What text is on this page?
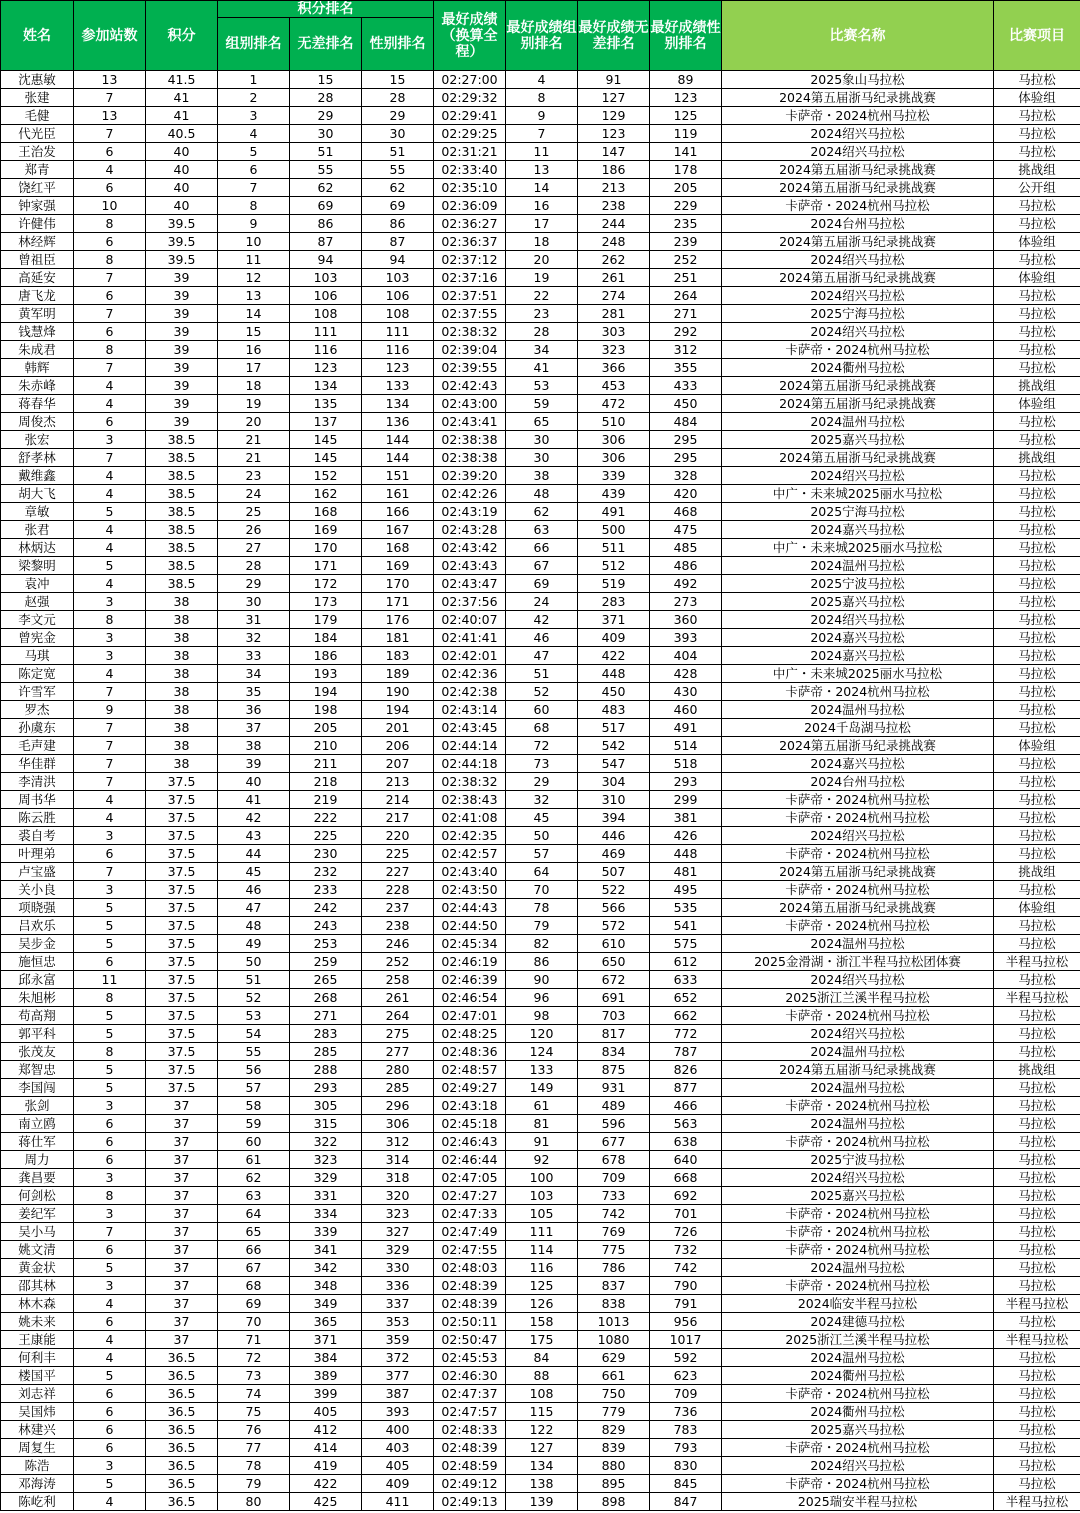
姓名	参加站数	积分	积分排名			最好成绩（换算全程）	最好成绩组别排名	最好成绩无差排名	最好成绩性别排名	比赛名称	比赛项目
			组别排名	无差排名	性别排名						
沈惠敏	13	41.5	1	15	15	02:27:00	4	91	89	2025象山马拉松	马拉松
张建	7	41	2	28	28	02:29:32	8	127	123	2024第五届浙马纪录挑战赛	体验组
毛健	13	41	3	29	29	02:29:41	9	129	125	卡萨帝・2024杭州马拉松	马拉松
代光臣	7	40.5	4	30	30	02:29:25	7	123	119	2024绍兴马拉松	马拉松
王治发	6	40	5	51	51	02:31:21	11	147	141	2024绍兴马拉松	马拉松
郑青	4	40	6	55	55	02:33:40	13	186	178	2024第五届浙马纪录挑战赛	挑战组
饶红平	6	40	7	62	62	02:35:10	14	213	205	2024第五届浙马纪录挑战赛	公开组
钟家强	10	40	8	69	69	02:36:09	16	238	229	卡萨帝・2024杭州马拉松	马拉松
许健伟	8	39.5	9	86	86	02:36:27	17	244	235	2024台州马拉松	马拉松
林经辉	6	39.5	10	87	87	02:36:37	18	248	239	2024第五届浙马纪录挑战赛	体验组
曾祖臣	8	39.5	11	94	94	02:37:12	20	262	252	2024绍兴马拉松	马拉松
高延安	7	39	12	103	103	02:37:16	19	261	251	2024第五届浙马纪录挑战赛	体验组
唐飞龙	6	39	13	106	106	02:37:51	22	274	264	2024绍兴马拉松	马拉松
黄军明	7	39	14	108	108	02:37:55	23	281	271	2025宁海马拉松	马拉松
钱慧烽	6	39	15	111	111	02:38:32	28	303	292	2024绍兴马拉松	马拉松
朱成君	8	39	16	116	116	02:39:04	34	323	312	卡萨帝・2024杭州马拉松	马拉松
韩辉	7	39	17	123	123	02:39:55	41	366	355	2024衢州马拉松	马拉松
朱赤峰	4	39	18	134	133	02:42:43	53	453	433	2024第五届浙马纪录挑战赛	挑战组
蒋春华	4	39	19	135	134	02:43:00	59	472	450	2024第五届浙马纪录挑战赛	体验组
周俊杰	6	39	20	137	136	02:43:41	65	510	484	2024温州马拉松	马拉松
张宏	3	38.5	21	145	144	02:38:38	30	306	295	2025嘉兴马拉松	马拉松
舒孝林	7	38.5	21	145	144	02:38:38	30	306	295	2024第五届浙马纪录挑战赛	挑战组
戴维鑫	4	38.5	23	152	151	02:39:20	38	339	328	2024绍兴马拉松	马拉松
胡大飞	4	38.5	24	162	161	02:42:26	48	439	420	中广・未来城2025丽水马拉松	马拉松
章敏	5	38.5	25	168	166	02:43:19	62	491	468	2025宁海马拉松	马拉松
张君	4	38.5	26	169	167	02:43:28	63	500	475	2024嘉兴马拉松	马拉松
林炳达	4	38.5	27	170	168	02:43:42	66	511	485	中广・未来城2025丽水马拉松	马拉松
梁黎明	5	38.5	28	171	169	02:43:43	67	512	486	2024温州马拉松	马拉松
袁冲	4	38.5	29	172	170	02:43:47	69	519	492	2025宁波马拉松	马拉松
赵强	3	38	30	173	171	02:37:56	24	283	273	2025嘉兴马拉松	马拉松
李文元	8	38	31	179	176	02:40:07	42	371	360	2024绍兴马拉松	马拉松
曾宪金	3	38	32	184	181	02:41:41	46	409	393	2024嘉兴马拉松	马拉松
马琪	3	38	33	186	183	02:42:01	47	422	404	2024嘉兴马拉松	马拉松
陈定宽	4	38	34	193	189	02:42:36	51	448	428	中广・未来城2025丽水马拉松	马拉松
许雪军	7	38	35	194	190	02:42:38	52	450	430	卡萨帝・2024杭州马拉松	马拉松
罗杰	9	38	36	198	194	02:43:14	60	483	460	2024温州马拉松	马拉松
孙虞东	7	38	37	205	201	02:43:45	68	517	491	2024千岛湖马拉松	马拉松
毛声建	7	38	38	210	206	02:44:14	72	542	514	2024第五届浙马纪录挑战赛	体验组
华佳群	7	38	39	211	207	02:44:18	73	547	518	2024嘉兴马拉松	马拉松
李清洪	7	37.5	40	218	213	02:38:32	29	304	293	2024台州马拉松	马拉松
周书华	4	37.5	41	219	214	02:38:43	32	310	299	卡萨帝・2024杭州马拉松	马拉松
陈云胜	4	37.5	42	222	217	02:41:08	45	394	381	卡萨帝・2024杭州马拉松	马拉松
裘自考	3	37.5	43	225	220	02:42:35	50	446	426	2024绍兴马拉松	马拉松
叶理弟	6	37.5	44	230	225	02:42:57	57	469	448	卡萨帝・2024杭州马拉松	马拉松
卢宝盛	7	37.5	45	232	227	02:43:40	64	507	481	2024第五届浙马纪录挑战赛	挑战组
关小良	3	37.5	46	233	228	02:43:50	70	522	495	卡萨帝・2024杭州马拉松	马拉松
项晓强	5	37.5	47	242	237	02:44:43	78	566	535	2024第五届浙马纪录挑战赛	体验组
吕欢乐	5	37.5	48	243	238	02:44:50	79	572	541	卡萨帝・2024杭州马拉松	马拉松
吴步金	5	37.5	49	253	246	02:45:34	82	610	575	2024温州马拉松	马拉松
施恒忠	6	37.5	50	259	252	02:46:19	86	650	612	2025金滑湖・浙江半程马拉松团体赛	半程马拉松
邱永富	11	37.5	51	265	258	02:46:39	90	672	633	2024绍兴马拉松	马拉松
朱旭彬	8	37.5	52	268	261	02:46:54	96	691	652	2025浙江兰溪半程马拉松	半程马拉松
苟高翔	5	37.5	53	271	264	02:47:01	98	703	662	卡萨帝・2024杭州马拉松	马拉松
郭平科	5	37.5	54	283	275	02:48:25	120	817	772	2024绍兴马拉松	马拉松
张茂友	8	37.5	55	285	277	02:48:36	124	834	787	2024温州马拉松	马拉松
郑智忠	5	37.5	56	288	280	02:48:57	133	875	826	2024第五届浙马纪录挑战赛	挑战组
李国闯	5	37.5	57	293	285	02:49:27	149	931	877	2024温州马拉松	马拉松
张剑	3	37	58	305	296	02:43:18	61	489	466	卡萨帝・2024杭州马拉松	马拉松
南立鸥	6	37	59	315	306	02:45:18	81	596	563	2024温州马拉松	马拉松
蒋仕军	6	37	60	322	312	02:46:43	91	677	638	卡萨帝・2024杭州马拉松	马拉松
周力	6	37	61	323	314	02:46:44	92	678	640	2025宁波马拉松	马拉松
龚昌要	3	37	62	329	318	02:47:05	100	709	668	2024绍兴马拉松	马拉松
何剑松	8	37	63	331	320	02:47:27	103	733	692	2025嘉兴马拉松	马拉松
姜纪军	3	37	64	334	323	02:47:33	105	742	701	卡萨帝・2024杭州马拉松	马拉松
吴小马	7	37	65	339	327	02:47:49	111	769	726	卡萨帝・2024杭州马拉松	马拉松
姚文清	6	37	66	341	329	02:47:55	114	775	732	卡萨帝・2024杭州马拉松	马拉松
黄金状	5	37	67	342	330	02:48:03	116	786	742	2024温州马拉松	马拉松
邵其林	3	37	68	348	336	02:48:39	125	837	790	卡萨帝・2024杭州马拉松	马拉松
林木森	4	37	69	349	337	02:48:39	126	838	791	2024临安半程马拉松	半程马拉松
姚未来	6	37	70	365	353	02:50:11	158	1013	956	2024建德马拉松	马拉松
王康能	4	37	71	371	359	02:50:47	175	1080	1017	2025浙江兰溪半程马拉松	半程马拉松
何利丰	4	36.5	72	384	372	02:45:53	84	629	592	2024温州马拉松	马拉松
楼国平	5	36.5	73	389	377	02:46:30	88	661	623	2024衢州马拉松	马拉松
刘志祥	6	36.5	74	399	387	02:47:37	108	750	709	卡萨帝・2024杭州马拉松	马拉松
吴国炜	6	36.5	75	405	393	02:47:57	115	779	736	2024衢州马拉松	马拉松
林建兴	6	36.5	76	412	400	02:48:33	122	829	783	2025嘉兴马拉松	马拉松
周复生	6	36.5	77	414	403	02:48:39	127	839	793	卡萨帝・2024杭州马拉松	马拉松
陈浩	3	36.5	78	419	405	02:48:59	134	880	830	2024绍兴马拉松	马拉松
邓海涛	5	36.5	79	422	409	02:49:12	138	895	845	卡萨帝・2024杭州马拉松	马拉松
陈屹利	4	36.5	80	425	411	02:49:13	139	898	847	2025瑞安半程马拉松	半程马拉松
